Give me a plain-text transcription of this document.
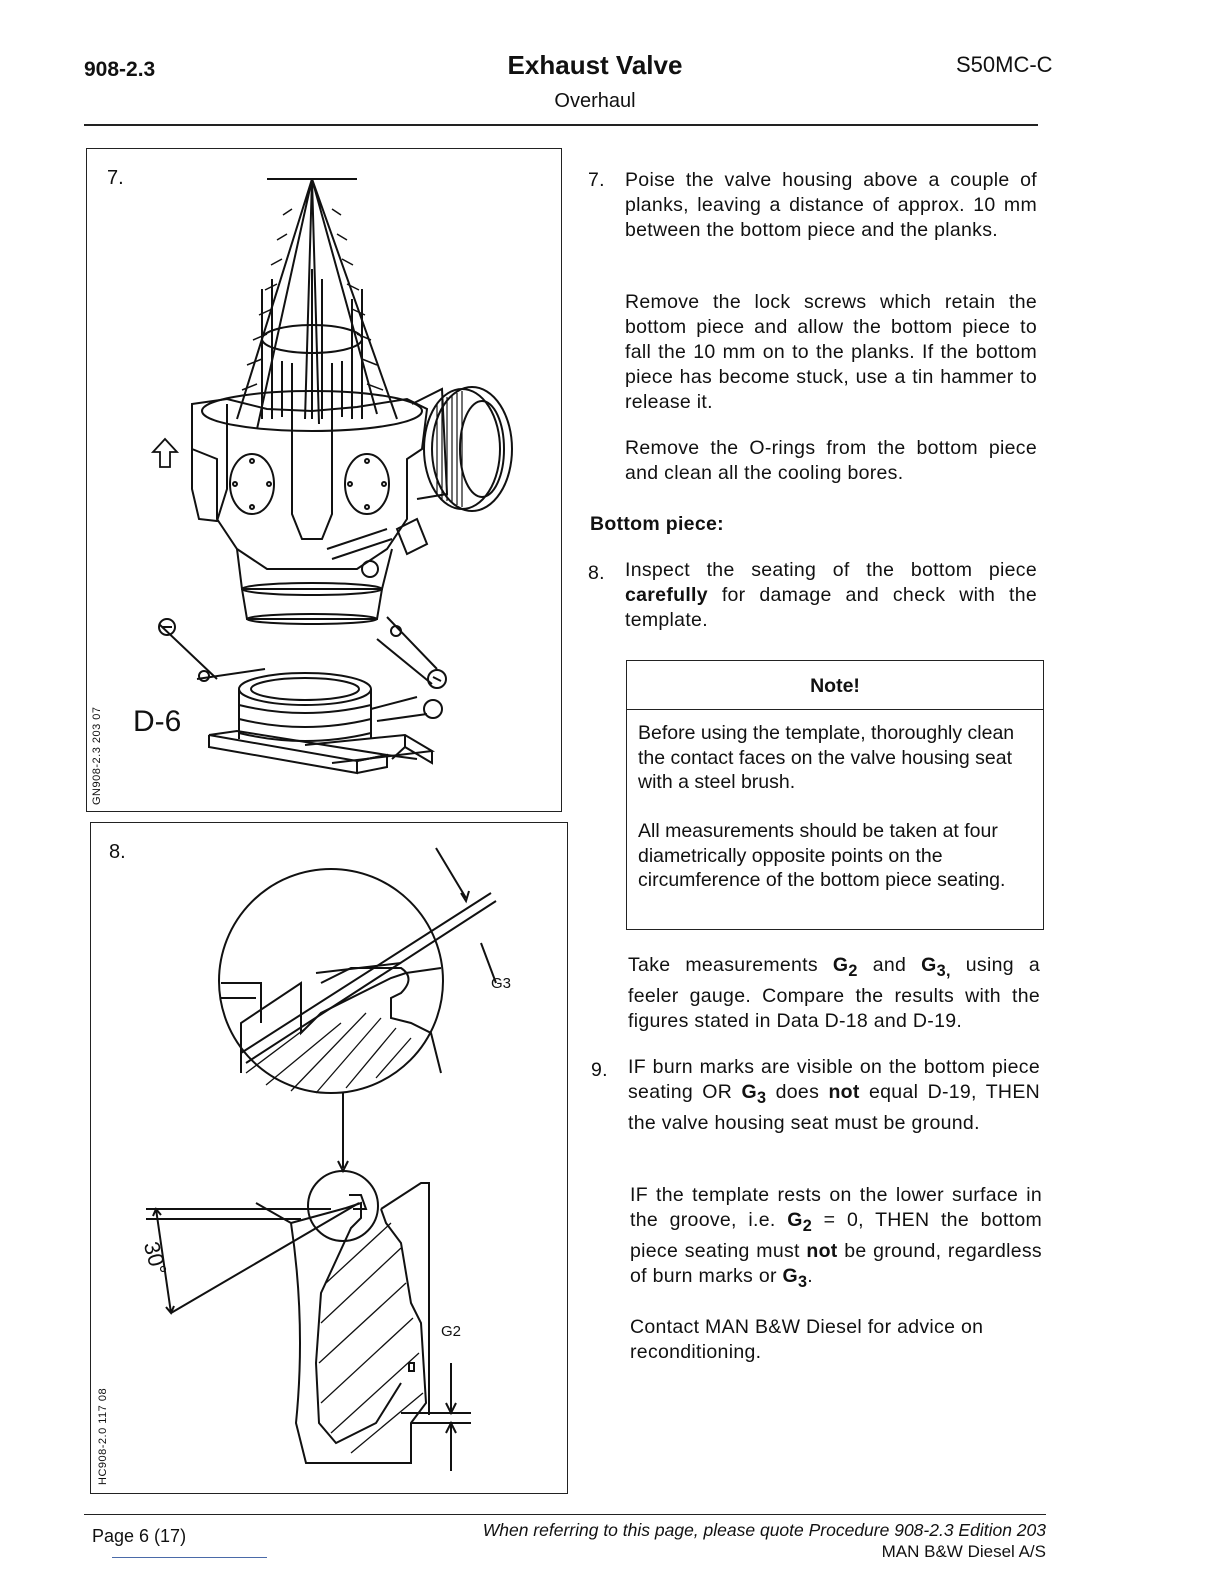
908-2.3	Exhaust Valve
Overhaul
S50MC-C
7.
GN908-2.3 203 07 D-6
8.
HC908-2.0 117 08
G3
G2
30°
7. Poise the valve housing above a couple of planks, leaving a distance of approx. 10 mm between the bottom piece and the planks.
Remove the lock screws which retain the bottom piece and allow the bottom piece to fall the 10 mm on to the planks. If the bottom piece has become stuck, use a tin hammer to release it.
Remove the O-rings from the bottom piece and clean all the cooling bores.
Bottom piece:
8. Inspect the seating of the bottom piece carefully for damage and check with the template.
Note!
Before using the template, thoroughly clean the contact faces on the valve housing seat with a steel brush.
All measurements should be taken at four diametrically opposite points on the circumference of the bottom piece seating.
Take measurements $G_2$ and $G_{3,}$ using a feeler gauge. Compare the results with the figures stated in Data D-18 and D-19.
9. IF burn marks are visible on the bottom piece seating OR $G_3$ does not equal D-19, THEN the valve housing seat must be ground.
IF the template rests on the lower surface in the groove, i.e. $G_2 = 0$, THEN the bottom piece seating must not be ground, regardless of burn marks or $G_3$.
Contact MAN B&W Diesel for advice on reconditioning.
Page 6 (17)	When referring to this page, please quote Procedure 908-2.3 Edition 203
MAN B&W Diesel A/S
